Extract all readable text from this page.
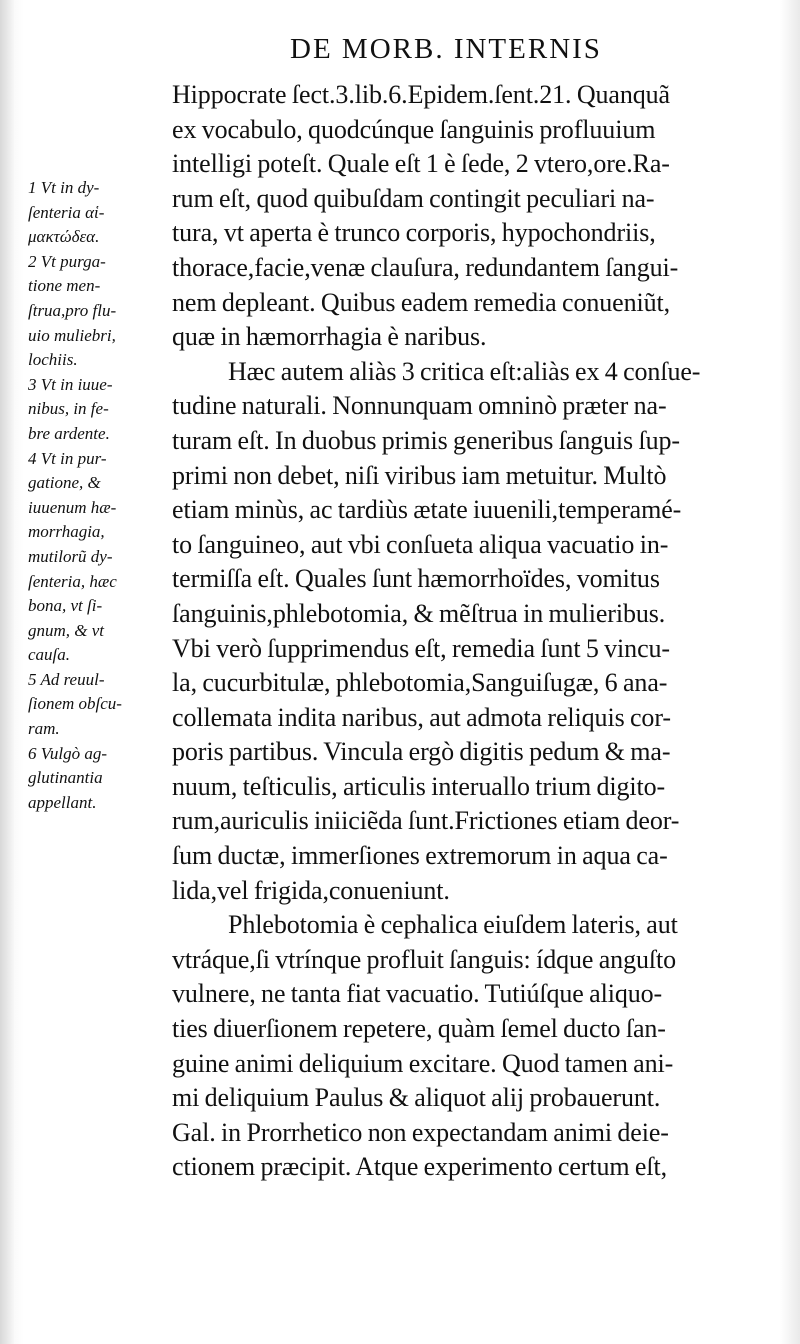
DE MORB. INTERNIS
Hippocrate ſect.3.lib.6.Epidem.ſent.21. Quanquã
ex vocabulo, quodcúnque ſanguinis profluuium
intelligi poteſt. Quale eſt 1 è ſede, 2 vtero,ore.Ra-
rum eſt, quod quibuſdam contingit peculiari na-
tura, vt aperta è trunco corporis, hypochondriis,
thorace,facie,venæ clauſura, redundantem ſangui-
nem depleant. Quibus eadem remedia conueniũt,
quæ in hæmorrhagia è naribus.
Hæc autem aliàs 3 critica eſt:aliàs ex 4 conſue-
tudine naturali. Nonnunquam omninò præter na-
turam eſt. In duobus primis generibus ſanguis ſup-
primi non debet, niſi viribus iam metuitur. Multò
etiam minùs, ac tardiùs ætate iuuenili,temperamé-
to ſanguineo, aut vbi conſueta aliqua vacuatio in-
termiſſa eſt. Quales ſunt hæmorrhoïdes, vomitus
ſanguinis,phlebotomia, & mẽſtrua in mulieribus.
Vbi verò ſupprimendus eſt, remedia ſunt 5 vincu-
la, cucurbitulæ, phlebotomia,Sanguiſugæ, 6 ana-
collemata indita naribus, aut admota reliquis cor-
poris partibus. Vincula ergò digitis pedum & ma-
nuum, teſticulis, articulis interuallo trium digito-
rum,auriculis iniiciẽda ſunt.Frictiones etiam deor-
ſum ductæ, immerſiones extremorum in aqua ca-
lida,vel frigida,conueniunt.
Phlebotomia è cephalica eiuſdem lateris, aut
vtráque,ſi vtrínque profluit ſanguis: ídque anguſto
vulnere, ne tanta fiat vacuatio. Tutiúſque aliquo-
ties diuerſionem repetere, quàm ſemel ducto ſan-
guine animi deliquium excitare. Quod tamen ani-
mi deliquium Paulus & aliquot alij probauerunt.
Gal. in Prorrhetico non expectandam animi deie-
ctionem præcipit. Atque experimento certum eſt,
1 Vt in dy-
ſenteria αἱ-
μακτώδεα.
2 Vt purga-
tione men-
ſtrua,pro flu-
uio muliebri,
lochiis.
3 Vt in iuue-
nibus, in fe-
bre ardente.
4 Vt in pur-
gatione, &
iuuenum hæ-
morrhagia,
mutilorũ dy-
ſenteria, hæc
bona, vt ſi-
gnum, & vt
cauſa.
5 Ad reuul-
ſionem obſcu-
ram.
6 Vulgò ag-
glutinantia
appellant.
